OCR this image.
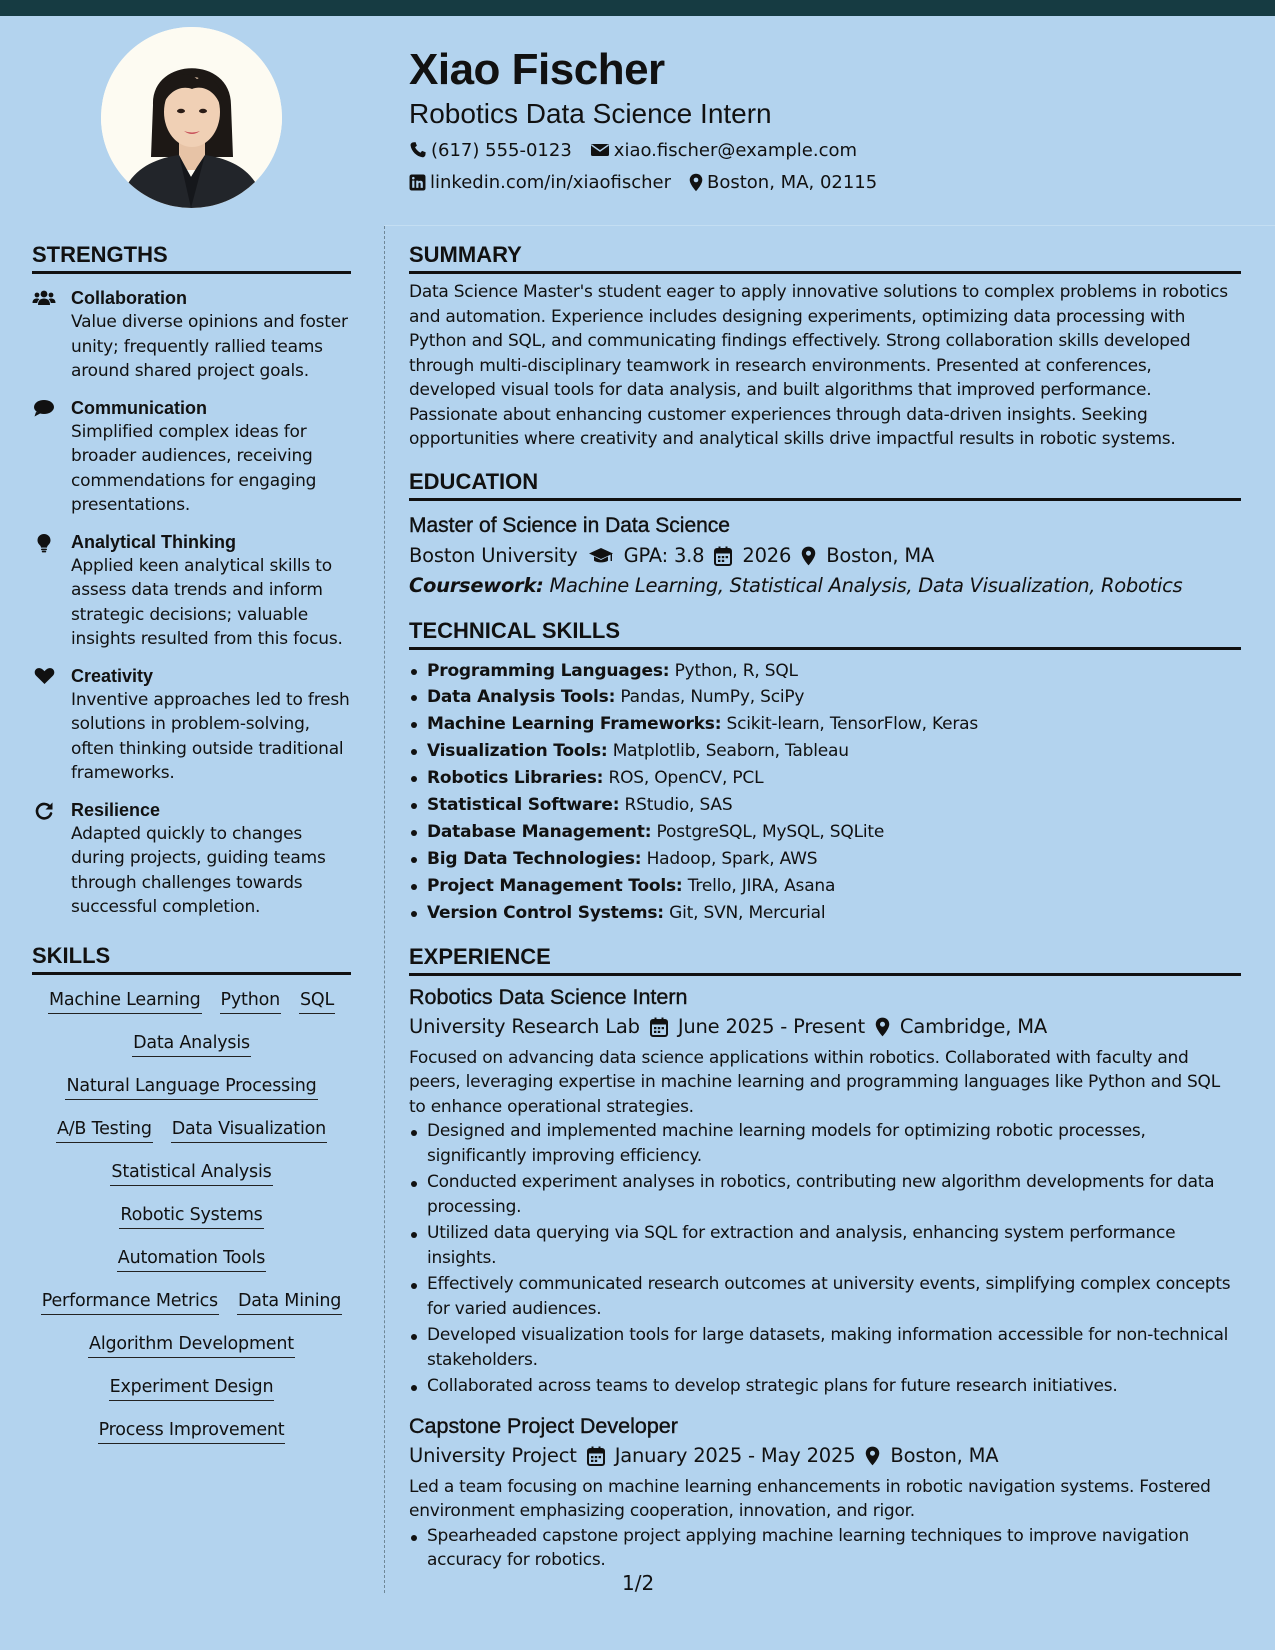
Xiao Fischer
Robotics Data Science Intern
(617) 555-0123 xiao.fischer@example.com
linkedin.com/in/xiaofischer Boston, MA, 02115
STRENGTHS
Collaboration
Value diverse opinions and foster unity; frequently rallied teams around shared project goals.
Communication
Simplified complex ideas for broader audiences, receiving commendations for engaging presentations.
Analytical Thinking
Applied keen analytical skills to assess data trends and inform strategic decisions; valuable insights resulted from this focus.
Creativity
Inventive approaches led to fresh solutions in problem-solving, often thinking outside traditional frameworks.
Resilience
Adapted quickly to changes during projects, guiding teams through challenges towards successful completion.
SKILLS
Machine Learning Python SQL
Data Analysis
Natural Language Processing
A/B Testing Data Visualization
Statistical Analysis
Robotic Systems
Automation Tools
Performance Metrics Data Mining
Algorithm Development
Experiment Design
Process Improvement
SUMMARY

Data Science Master's student eager to apply innovative solutions to complex problems in robotics and automation. Experience includes designing experiments, optimizing data processing with Python and SQL, and communicating findings effectively. Strong collaboration skills developed through multi-disciplinary teamwork in research environments. Presented at conferences, developed visual tools for data analysis, and built algorithms that improved performance. Passionate about enhancing customer experiences through data-driven insights. Seeking opportunities where creativity and analytical skills drive impactful results in robotic systems.

EDUCATION
Master of Science in Data Science
Boston University GPA: 3.8 2026 Boston, MA
Coursework: Machine Learning, Statistical Analysis, Data Visualization, Robotics
TECHNICAL SKILLS
Programming Languages: Python, R, SQL
Data Analysis Tools: Pandas, NumPy, SciPy
Machine Learning Frameworks: Scikit-learn, TensorFlow, Keras
Visualization Tools: Matplotlib, Seaborn, Tableau
Robotics Libraries: ROS, OpenCV, PCL
Statistical Software: RStudio, SAS
Database Management: PostgreSQL, MySQL, SQLite
Big Data Technologies: Hadoop, Spark, AWS
Project Management Tools: Trello, JIRA, Asana
Version Control Systems: Git, SVN, Mercurial
EXPERIENCE
Robotics Data Science Intern
University Research Lab June 2025 - Present Cambridge, MA

Focused on advancing data science applications within robotics. Collaborated with faculty and peers, leveraging expertise in machine learning and programming languages like Python and SQL to enhance operational strategies.

Designed and implemented machine learning models for optimizing robotic processes, significantly improving efficiency.
Conducted experiment analyses in robotics, contributing new algorithm developments for data processing.
Utilized data querying via SQL for extraction and analysis, enhancing system performance insights.
Effectively communicated research outcomes at university events, simplifying complex concepts for varied audiences.
Developed visualization tools for large datasets, making information accessible for non-technical stakeholders.
Collaborated across teams to develop strategic plans for future research initiatives.
Capstone Project Developer
University Project January 2025 - May 2025 Boston, MA

Led a team focusing on machine learning enhancements in robotic navigation systems. Fostered environment emphasizing cooperation, innovation, and rigor.

Spearheaded capstone project applying machine learning techniques to improve navigation accuracy for robotics.
1/2
